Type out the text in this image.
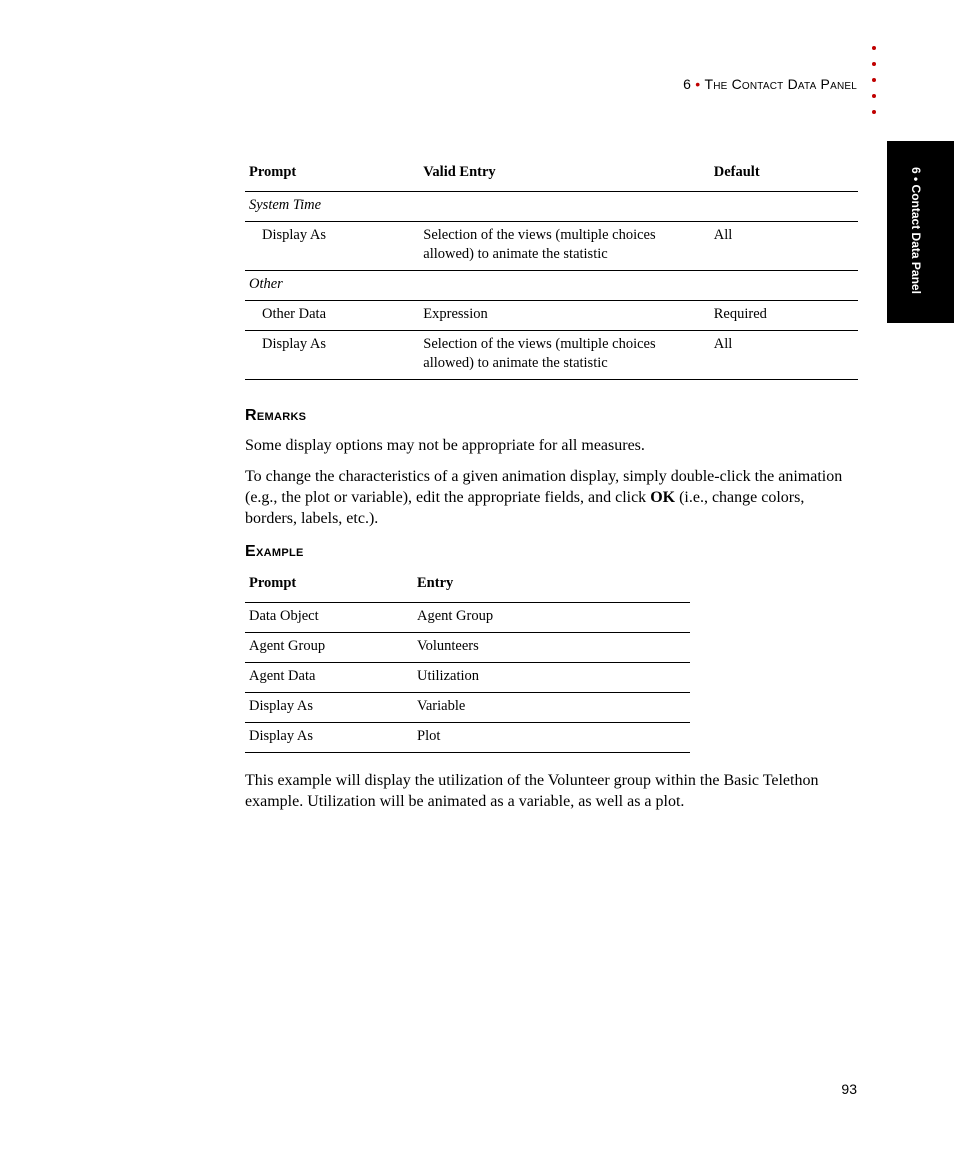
6 • The Contact Data Panel
6 • Contact Data Panel
Prompt	Valid Entry	Default
System Time		
Display As	Selection of the views (multiple choices allowed) to animate the statistic	All
Other		
Other Data	Expression	Required
Display As	Selection of the views (multiple choices allowed) to animate the statistic	All
Remarks
Some display options may not be appropriate for all measures.
To change the characteristics of a given animation display, simply double-click the animation (e.g., the plot or variable), edit the appropriate fields, and click OK (i.e., change colors, borders, labels, etc.).
Example
Prompt	Entry
Data Object	Agent Group
Agent Group	Volunteers
Agent Data	Utilization
Display As	Variable
Display As	Plot
This example will display the utilization of the Volunteer group within the Basic Telethon example. Utilization will be animated as a variable, as well as a plot.
93
